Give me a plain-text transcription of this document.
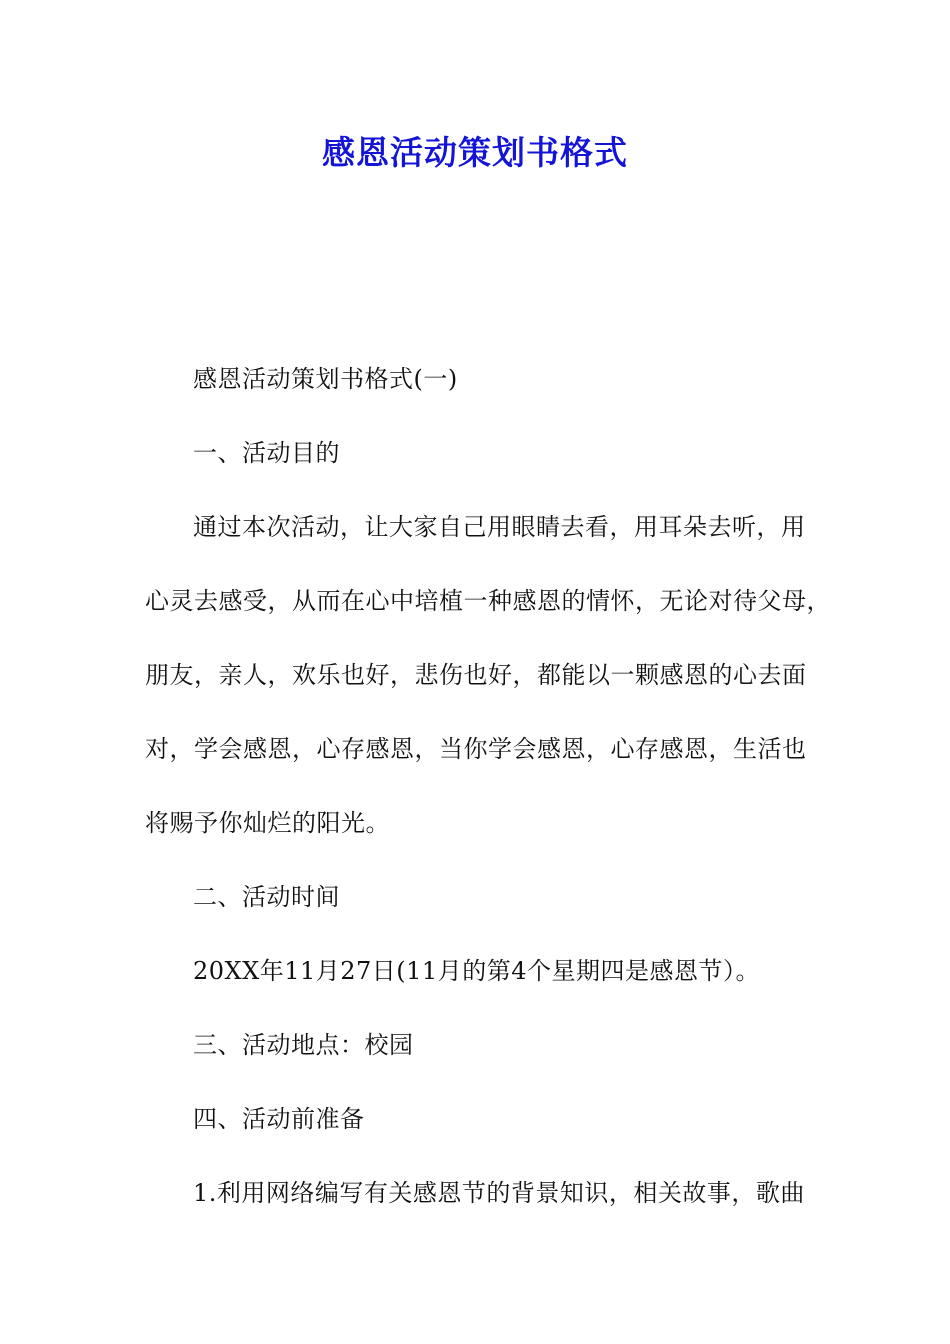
感恩活动策划书格式

感恩活动策划书格式(一)

一、活动目的

通过本次活动，让大家自己用眼睛去看，用耳朵去听，用

心灵去感受，从而在心中培植一种感恩的情怀，无论对待父母，

朋友，亲人，欢乐也好，悲伤也好，都能以一颗感恩的心去面

对，学会感恩，心存感恩，当你学会感恩，心存感恩，生活也

将赐予你灿烂的阳光。

二、活动时间

20XX年11月27日(11月的第4个星期四是感恩节）。

三、活动地点：校园

四、活动前准备

1.利用网络编写有关感恩节的背景知识，相关故事，歌曲
